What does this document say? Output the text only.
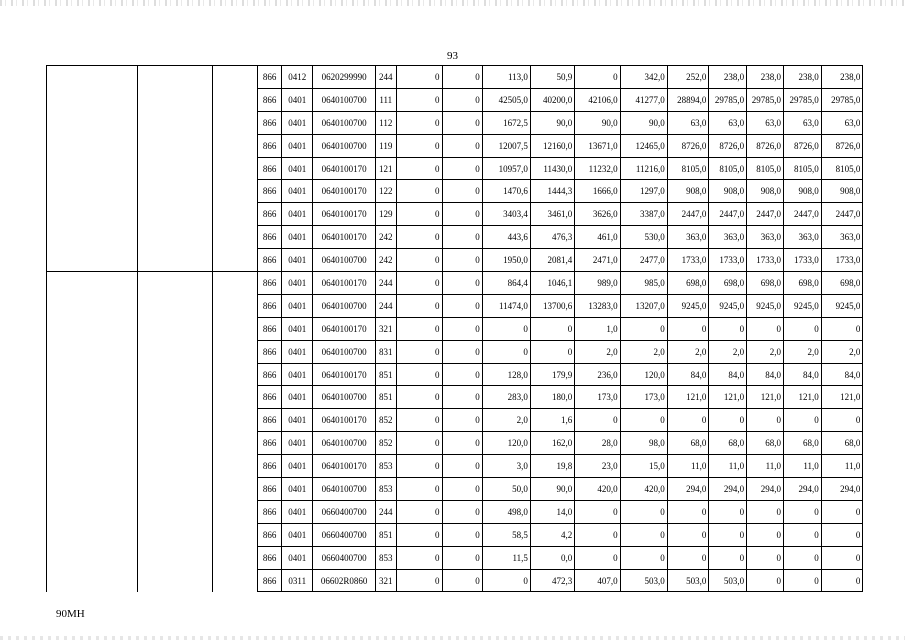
93
			866	0412	0620299990	244	0	0	113,0	50,9	0	342,0	252,0	238,0	238,0	238,0	238,0
			866	0401	0640100700	111	0	0	42505,0	40200,0	42106,0	41277,0	28894,0	29785,0	29785,0	29785,0	29785,0
			866	0401	0640100700	112	0	0	1672,5	90,0	90,0	90,0	63,0	63,0	63,0	63,0	63,0
			866	0401	0640100700	119	0	0	12007,5	12160,0	13671,0	12465,0	8726,0	8726,0	8726,0	8726,0	8726,0
			866	0401	0640100170	121	0	0	10957,0	11430,0	11232,0	11216,0	8105,0	8105,0	8105,0	8105,0	8105,0
			866	0401	0640100170	122	0	0	1470,6	1444,3	1666,0	1297,0	908,0	908,0	908,0	908,0	908,0
			866	0401	0640100170	129	0	0	3403,4	3461,0	3626,0	3387,0	2447,0	2447,0	2447,0	2447,0	2447,0
			866	0401	0640100170	242	0	0	443,6	476,3	461,0	530,0	363,0	363,0	363,0	363,0	363,0
			866	0401	0640100700	242	0	0	1950,0	2081,4	2471,0	2477,0	1733,0	1733,0	1733,0	1733,0	1733,0
			866	0401	0640100170	244	0	0	864,4	1046,1	989,0	985,0	698,0	698,0	698,0	698,0	698,0
			866	0401	0640100700	244	0	0	11474,0	13700,6	13283,0	13207,0	9245,0	9245,0	9245,0	9245,0	9245,0
			866	0401	0640100170	321	0	0	0	0	1,0	0	0	0	0	0	0
			866	0401	0640100700	831	0	0	0	0	2,0	2,0	2,0	2,0	2,0	2,0	2,0
			866	0401	0640100170	851	0	0	128,0	179,9	236,0	120,0	84,0	84,0	84,0	84,0	84,0
			866	0401	0640100700	851	0	0	283,0	180,0	173,0	173,0	121,0	121,0	121,0	121,0	121,0
			866	0401	0640100170	852	0	0	2,0	1,6	0	0	0	0	0	0	0
			866	0401	0640100700	852	0	0	120,0	162,0	28,0	98,0	68,0	68,0	68,0	68,0	68,0
			866	0401	0640100170	853	0	0	3,0	19,8	23,0	15,0	11,0	11,0	11,0	11,0	11,0
			866	0401	0640100700	853	0	0	50,0	90,0	420,0	420,0	294,0	294,0	294,0	294,0	294,0
			866	0401	0660400700	244	0	0	498,0	14,0	0	0	0	0	0	0	0
			866	0401	0660400700	851	0	0	58,5	4,2	0	0	0	0	0	0	0
			866	0401	0660400700	853	0	0	11,5	0,0	0	0	0	0	0	0	0
			866	0311	06602R0860	321	0	0	0	472,3	407,0	503,0	503,0	503,0	0	0	0
90МН
